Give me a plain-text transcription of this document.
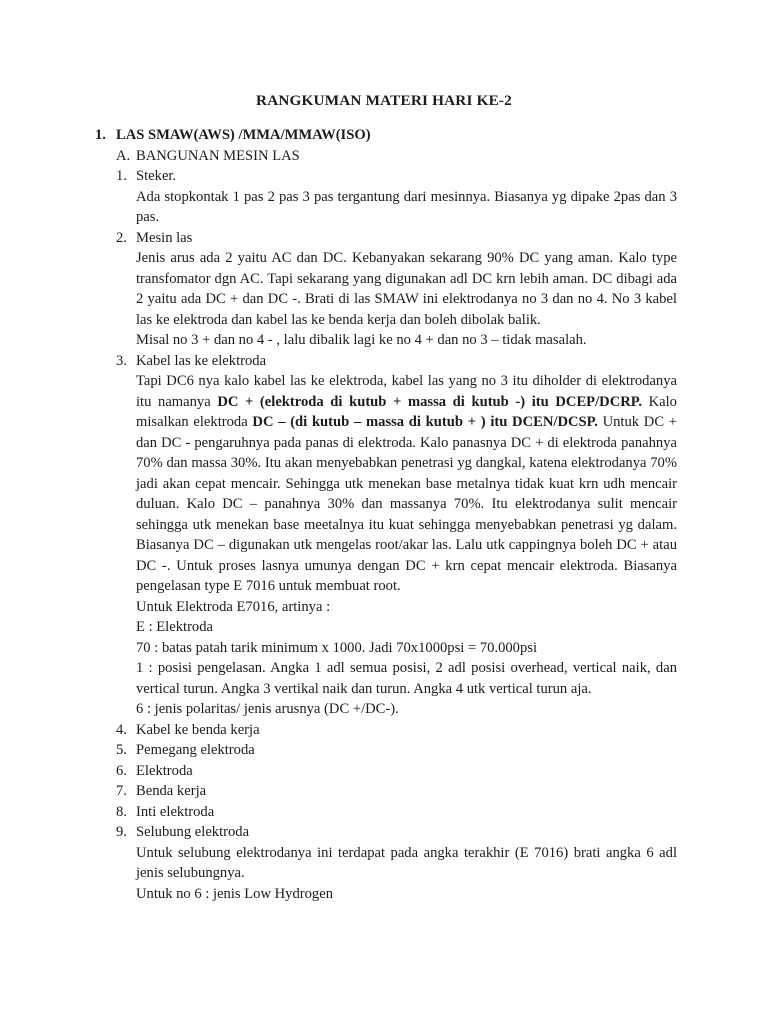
RANGKUMAN MATERI HARI KE-2
1. LAS SMAW(AWS) /MMA/MMAW(ISO)
A. BANGUNAN MESIN LAS
1. Steker.
Ada stopkontak 1 pas 2 pas 3 pas tergantung dari mesinnya. Biasanya yg dipake 2pas dan 3 pas.
2. Mesin las
Jenis arus ada 2 yaitu AC dan DC. Kebanyakan sekarang 90% DC yang aman. Kalo type transfomator dgn AC. Tapi sekarang yang digunakan adl DC krn lebih aman. DC dibagi ada 2 yaitu ada DC + dan DC -. Brati di las SMAW ini elektrodanya no 3 dan no 4. No 3 kabel las ke elektroda dan kabel las ke benda kerja dan boleh dibolak balik.
Misal no 3 + dan no 4 - , lalu dibalik lagi ke no 4 + dan no 3 – tidak masalah.
3. Kabel las ke elektroda
Tapi DC6 nya kalo kabel las ke elektroda, kabel las yang no 3 itu diholder di elektrodanya itu namanya DC + (elektroda di kutub + massa di kutub -) itu DCEP/DCRP. Kalo misalkan elektroda DC – (di kutub – massa di kutub + ) itu DCEN/DCSP. Untuk DC + dan DC - pengaruhnya pada panas di elektroda. Kalo panasnya DC + di elektroda panahnya 70% dan massa 30%. Itu akan menyebabkan penetrasi yg dangkal, katena elektrodanya 70% jadi akan cepat mencair. Sehingga utk menekan base metalnya tidak kuat krn udh mencair duluan. Kalo DC – panahnya 30% dan massanya 70%. Itu elektrodanya sulit mencair sehingga utk menekan base meetalnya itu kuat sehingga menyebabkan penetrasi yg dalam. Biasanya DC – digunakan utk mengelas root/akar las. Lalu utk cappingnya boleh DC + atau DC -. Untuk proses lasnya umunya dengan DC + krn cepat mencair elektroda. Biasanya pengelasan type E 7016 untuk membuat root.
Untuk Elektroda E7016, artinya :
E : Elektroda
70 : batas patah tarik minimum x 1000. Jadi 70x1000psi = 70.000psi
1 : posisi pengelasan. Angka 1 adl semua posisi, 2 adl posisi overhead, vertical naik, dan vertical turun. Angka 3 vertikal naik dan turun. Angka 4 utk vertical turun aja.
6 : jenis polaritas/ jenis arusnya (DC +/DC-).
4. Kabel ke benda kerja
5. Pemegang elektroda
6. Elektroda
7. Benda kerja
8. Inti elektroda
9. Selubung elektroda
Untuk selubung elektrodanya ini terdapat pada angka terakhir (E 7016) brati angka 6 adl jenis selubungnya.
Untuk no 6 : jenis Low Hydrogen
